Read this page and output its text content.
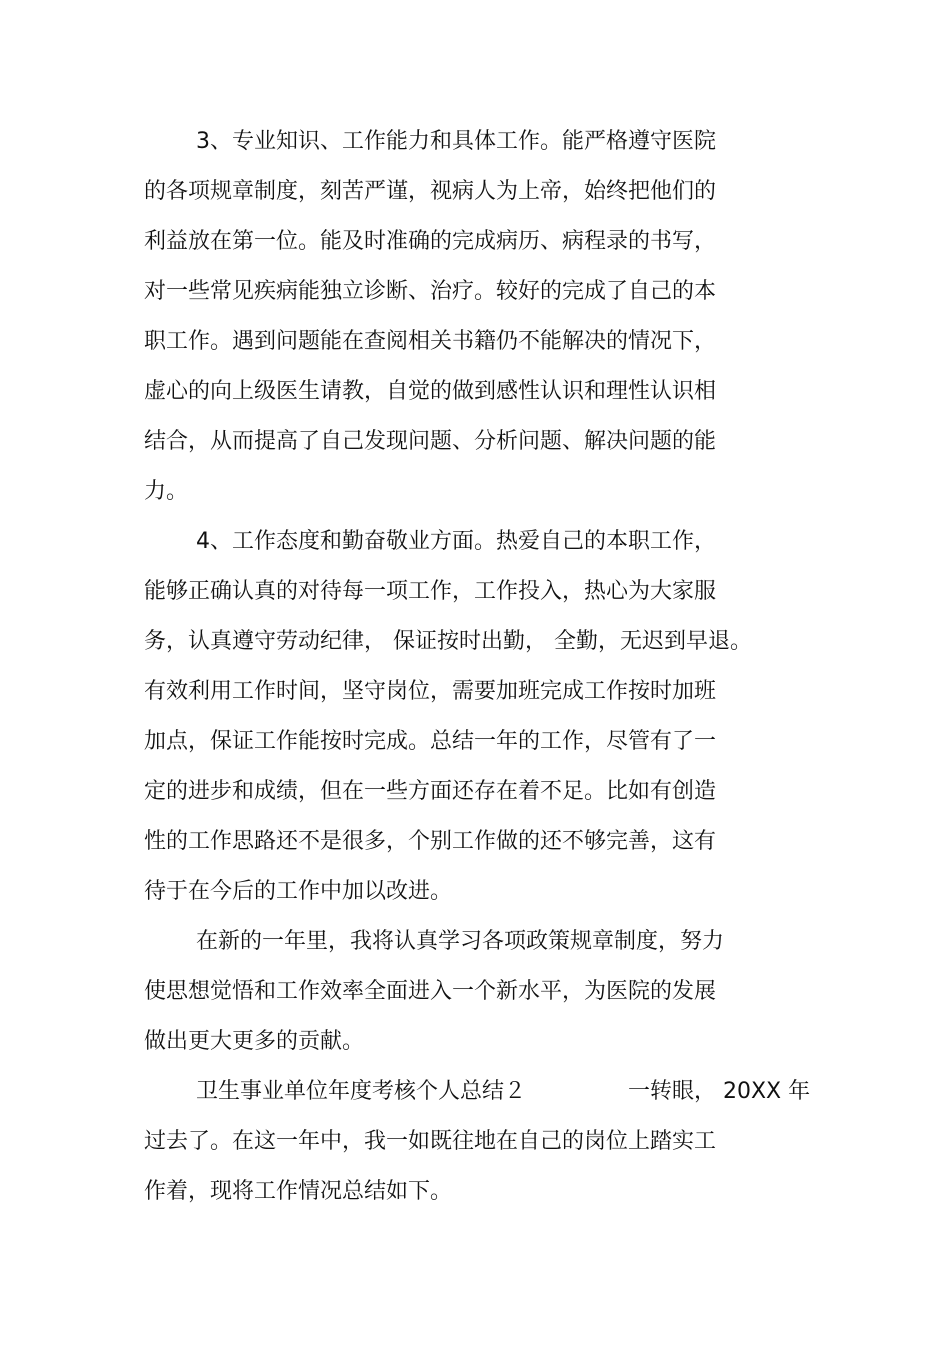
3、专业知识、工作能力和具体工作。能严格遵守医院
的各项规章制度，刻苦严谨，视病人为上帝，始终把他们的
利益放在第一位。能及时准确的完成病历、病程录的书写，
对一些常见疾病能独立诊断、治疗。较好的完成了自己的本
职工作。遇到问题能在查阅相关书籍仍不能解决的情况下，
虚心的向上级医生请教，自觉的做到感性认识和理性认识相
结合，从而提高了自己发现问题、分析问题、解决问题的能
力。
4、工作态度和勤奋敬业方面。热爱自己的本职工作，
能够正确认真的对待每一项工作，工作投入，热心为大家服
务，认真遵守劳动纪律， 保证按时出勤， 全勤，无迟到早退。
有效利用工作时间，坚守岗位，需要加班完成工作按时加班
加点，保证工作能按时完成。总结一年的工作，尽管有了一
定的进步和成绩，但在一些方面还存在着不足。比如有创造
性的工作思路还不是很多，个别工作做的还不够完善，这有
待于在今后的工作中加以改进。
在新的一年里，我将认真学习各项政策规章制度，努力
使思想觉悟和工作效率全面进入一个新水平，为医院的发展
做出更大更多的贡献。
卫生事业单位年度考核个人总结２	一转眼， 20XX 年
过去了。在这一年中，我一如既往地在自己的岗位上踏实工
作着，现将工作情况总结如下。
